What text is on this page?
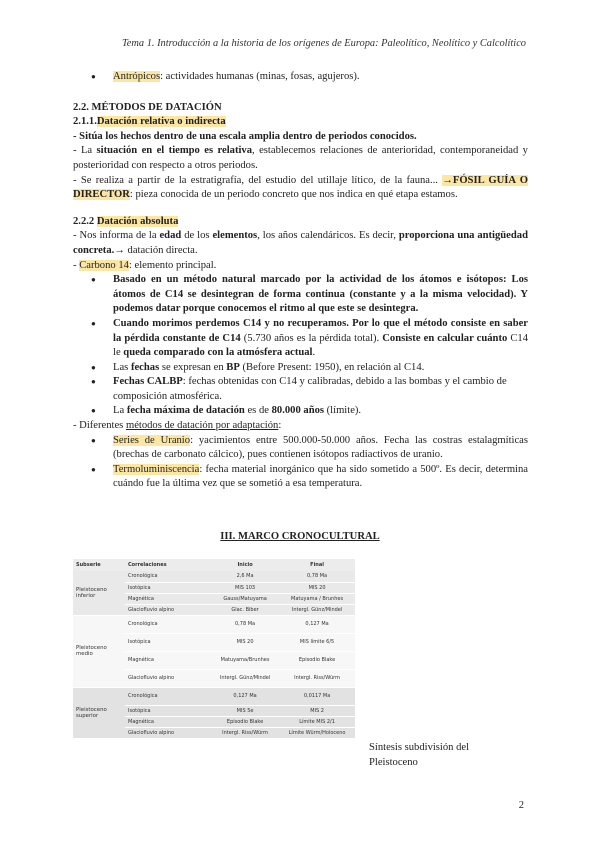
Tema 1. Introducción a la historia de los orígenes de Europa: Paleolítico, Neolítico y Calcolítico

● Antrópicos: actividades humanas (minas, fosas, agujeros).

2.2. MÉTODOS DE DATACIÓN

2.1.1.Datación relativa o indirecta

- Sitúa los hechos dentro de una escala amplia dentro de periodos conocidos.

- La situación en el tiempo es relativa, establecemos relaciones de anterioridad, contemporaneidad y posterioridad con respecto a otros periodos.

- Se realiza a partir de la estratigrafía, del estudio del utillaje lítico, de la fauna... →FÓSIL GUÍA O DIRECTOR: pieza conocida de un periodo concreto que nos indica en qué etapa estamos.

2.2.2 Datación absoluta

- Nos informa de la edad de los elementos, los años calendáricos. Es decir, proporciona una antigüedad concreta.→ datación directa.

- Carbono 14: elemento principal.

● Basado en un método natural marcado por la actividad de los átomos e isótopos: Los átomos de C14 se desintegran de forma continua (constante y a la misma velocidad). Y podemos datar porque conocemos el ritmo al que este se desintegra.

● Cuando morimos perdemos C14 y no recuperamos. Por lo que el método consiste en saber la pérdida constante de C14 (5.730 años es la pérdida total). Consiste en calcular cuánto C14 le queda comparado con la atmósfera actual.

● Las fechas se expresan en BP (Before Present: 1950), en relación al C14.

● Fechas CALBP: fechas obtenidas con C14 y calibradas, debido a las bombas y el cambio de composición atmosférica.

● La fecha máxima de datación es de 80.000 años (límite).

- Diferentes métodos de datación por adaptación:

● Series de Uranio: yacimientos entre 500.000-50.000 años. Fecha las costras estalagmíticas (brechas de carbonato cálcico), pues contienen isótopos radiactivos de uranio.

● Termoluminiscencia: fecha material inorgánico que ha sido sometido a 500º. Es decir, determina cuándo fue la última vez que se sometió a esa temperatura.

III. MARCO CRONOCULTURAL
Subserie	Correlaciones	Inicio	Final
Pleistoceno inferior	Cronológica	2,6 Ma	0,78 Ma
	Isotópica	MIS 103	MIS 20
	Magnética	Gauss/Matuyama	Matuyama / Brunhes
	Glaciofluvio alpino	Glac. Biber	Intergl. Günz/Mindel
Pleistoceno medio	Cronológica	0,78 Ma	0,127 Ma
	Isotópica	MIS 20	MIS límite 6/5
	Magnética	Matuyama/Brunhes	Episodio Blake
	Glaciofluvio alpino	Intergl. Günz/Mindel	Intergl. Riss/Würm
Pleistoceno superior	Cronológica	0,127 Ma	0,0117 Ma
	Isotópica	MIS 5e	MIS 2
	Magnética	Episodio Blake	Límite MIS 2/1
	Glaciofluvio alpino	Intergl. Riss/Würm	Límite Würm/Holoceno
Síntesis subdivisión del Pleistoceno
2
